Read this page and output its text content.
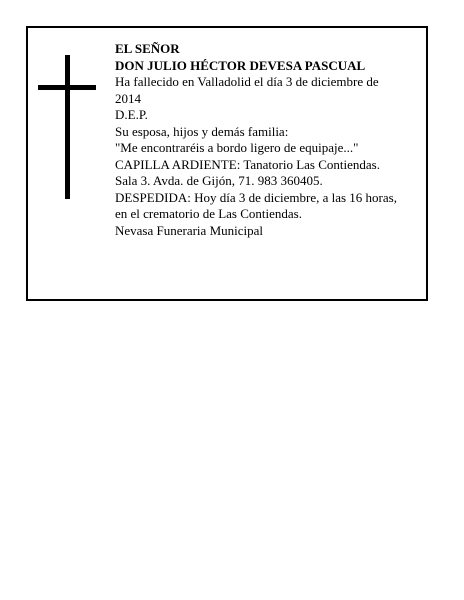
EL SEÑOR
DON JULIO HÉCTOR DEVESA PASCUAL
Ha fallecido en Valladolid el día 3 de diciembre de
2014
D.E.P.
Su esposa, hijos y demás familia:
"Me encontraréis a bordo ligero de equipaje..."
CAPILLA ARDIENTE: Tanatorio Las Contiendas.
Sala 3. Avda. de Gijón, 71. 983 360405.
DESPEDIDA: Hoy día 3 de diciembre, a las 16 horas,
en el crematorio de Las Contiendas.
Nevasa Funeraria Municipal
